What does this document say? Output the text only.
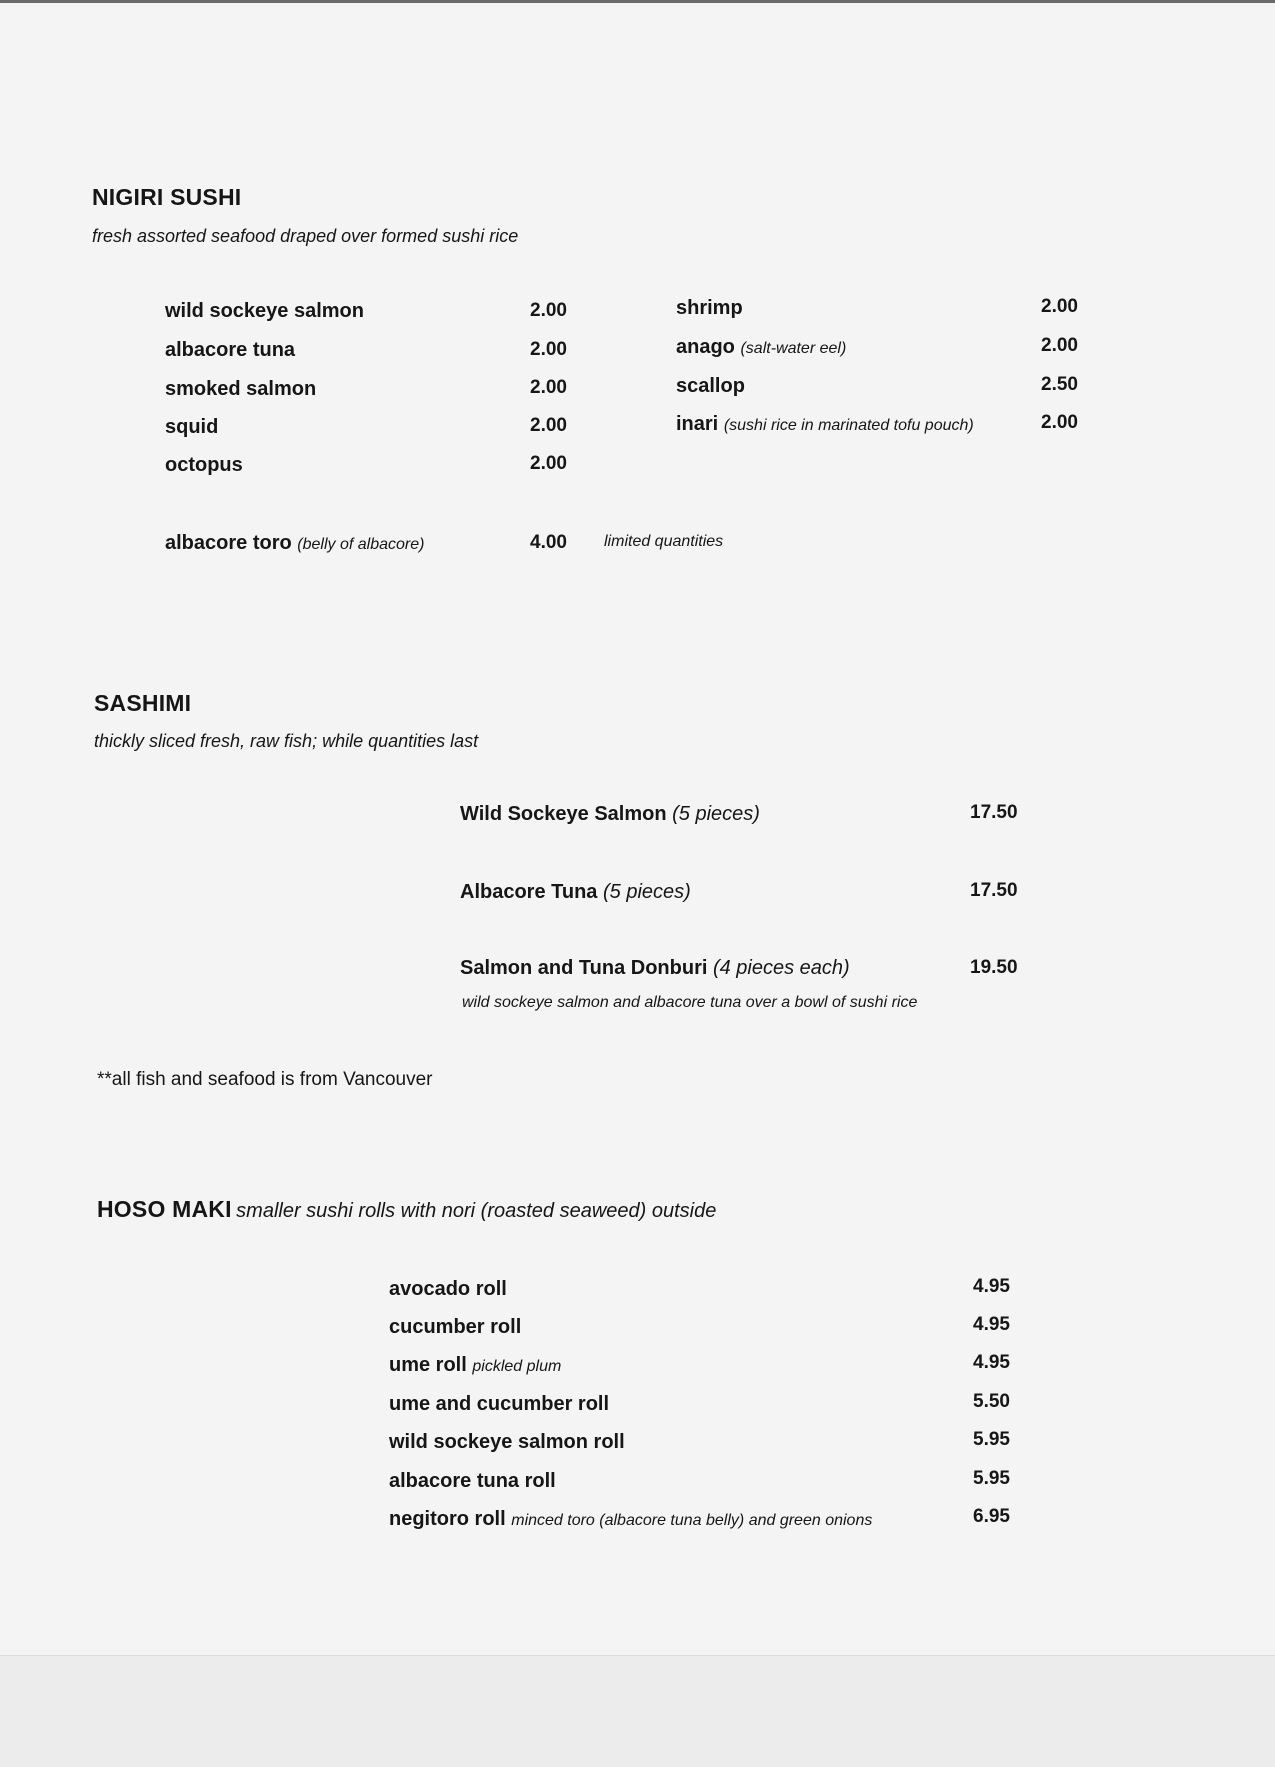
NIGIRI SUSHI
fresh assorted seafood draped over formed sushi rice
wild sockeye salmon	2.00
albacore tuna	2.00
smoked salmon	2.00
squid	2.00
octopus	2.00
shrimp	2.00
anago (salt-water eel)	2.00
scallop	2.50
inari (sushi rice in marinated tofu pouch)	2.00
albacore toro (belly of albacore)	4.00 limited quantities
SASHIMI
thickly sliced fresh, raw fish; while quantities last
Wild Sockeye Salmon (5 pieces)	17.50
Albacore Tuna (5 pieces)	17.50
Salmon and Tuna Donburi (4 pieces each)	19.50
wild sockeye salmon and albacore tuna over a bowl of sushi rice
**all fish and seafood is from Vancouver
HOSO MAKI smaller sushi rolls with nori (roasted seaweed) outside
avocado roll	4.95
cucumber roll	4.95
ume roll pickled plum	4.95
ume and cucumber roll	5.50
wild sockeye salmon roll	5.95
albacore tuna roll	5.95
negitoro roll minced toro (albacore tuna belly) and green onions	6.95
